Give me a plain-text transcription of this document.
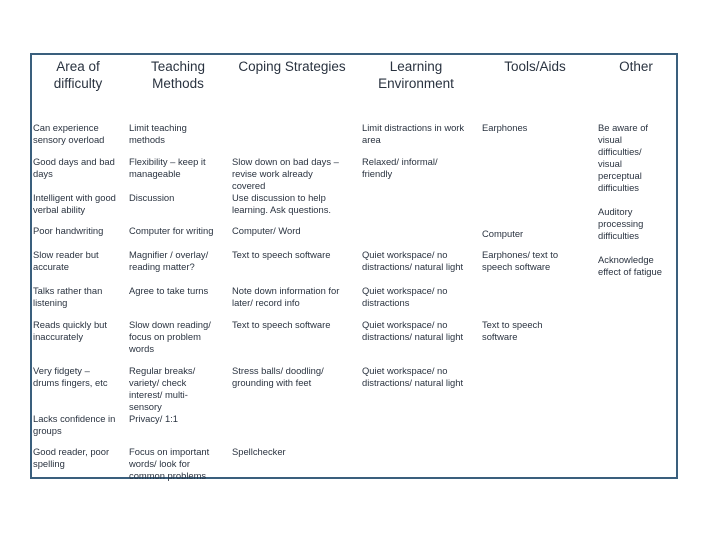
Area of difficulty
Teaching Methods
Coping Strategies	Learning Environment
Tools/Aids	Other
Can experience
sensory overload
Good days and bad
days
Intelligent with good
verbal ability
Poor handwriting
Slow reader but
accurate
Talks rather than
listening
Reads quickly but
inaccurately
Very fidgety –
drums fingers, etc
Lacks confidence in
groups
Good reader, poor
spelling
Limit teaching
methods
Flexibility – keep it
manageable
Discussion
Computer for writing
Magnifier / overlay/
reading matter?
Agree to take turns
Slow down reading/
focus on problem
words
Regular breaks/
variety/ check
interest/ multi-
sensory
Privacy/ 1:1
Focus on important
words/ look for
common problems
Slow down on bad days –
revise work already
covered
Use discussion to help
learning. Ask questions.
Computer/ Word
Text to speech software
Note down information for
later/ record info
Text to speech software
Stress balls/ doodling/
grounding with feet
Spellchecker
Limit distractions in work
area
Relaxed/ informal/
friendly
Quiet workspace/ no
distractions/ natural light
Quiet workspace/ no
distractions
Quiet workspace/ no
distractions/ natural light
Quiet workspace/ no
distractions/ natural light
Earphones
Computer
Earphones/ text to
speech software
Text to speech
software
Be aware of
visual
difficulties/
visual
perceptual
difficulties
Auditory
processing
difficulties
Acknowledge
effect of fatigue
